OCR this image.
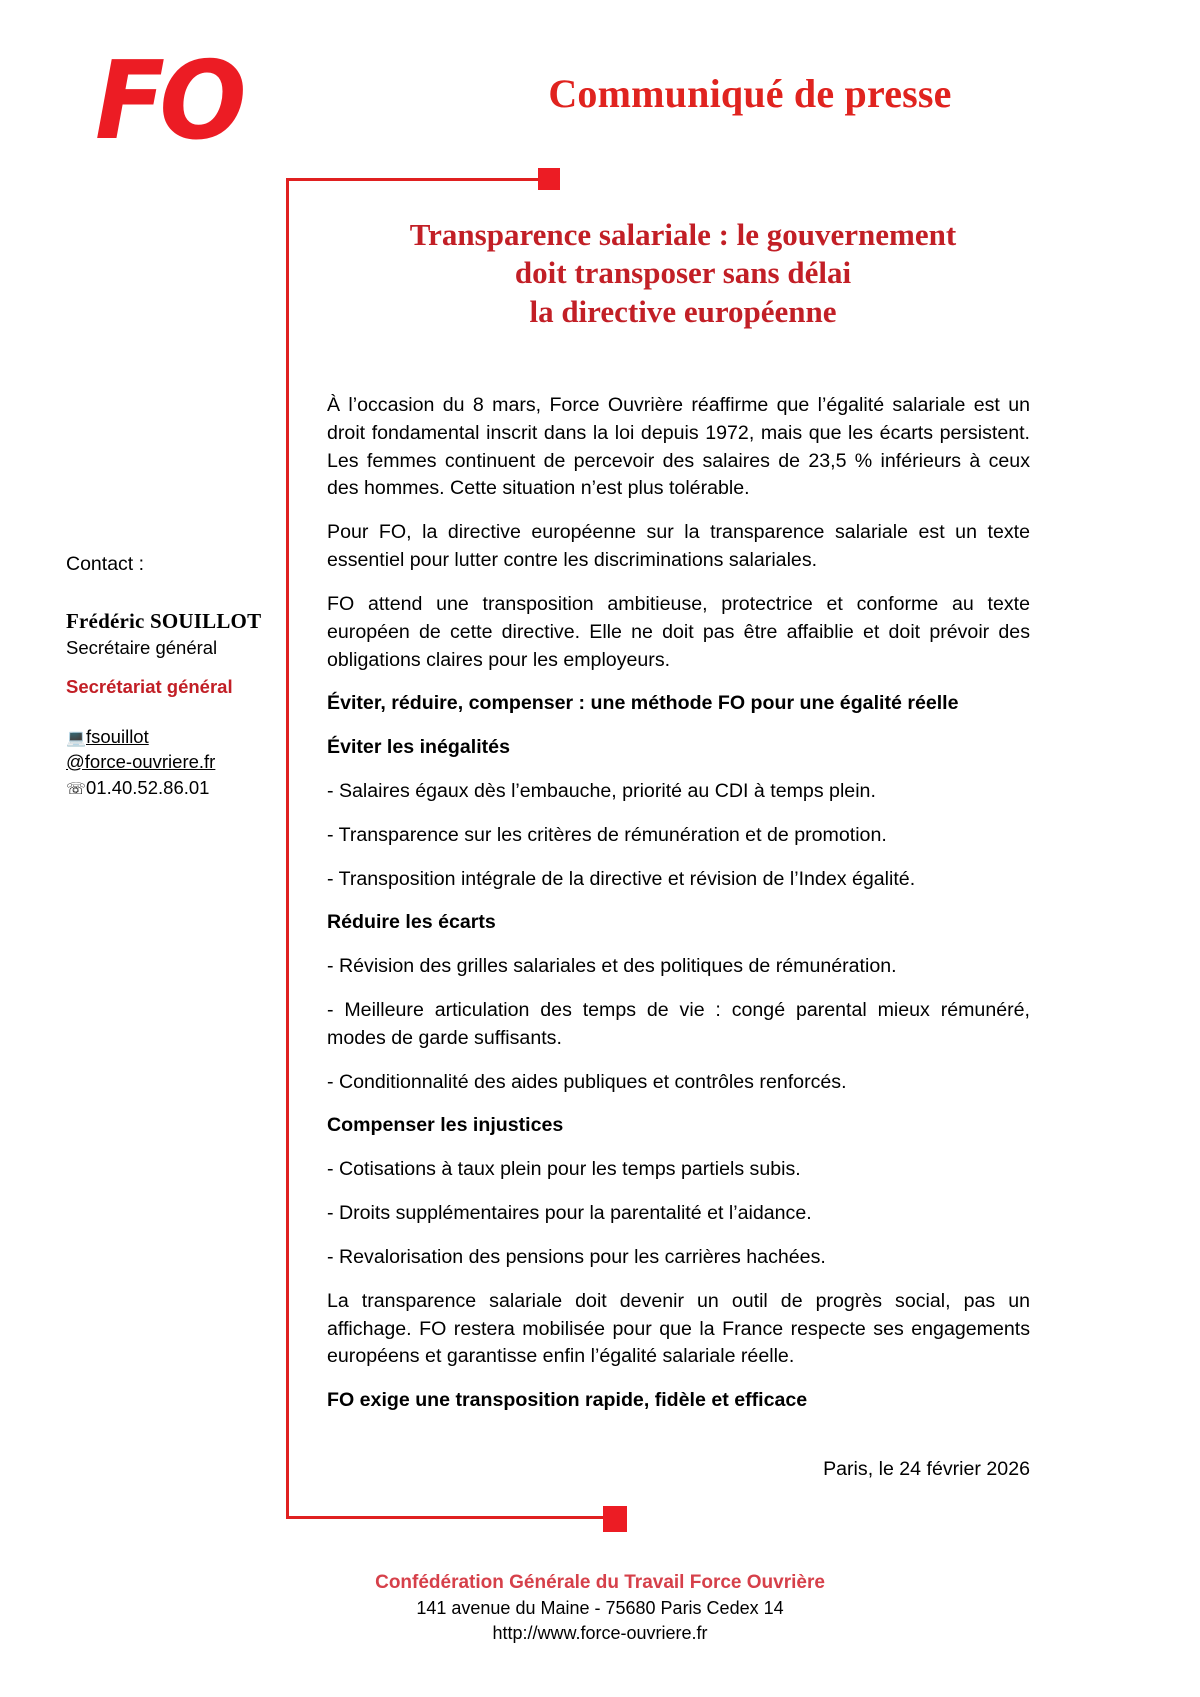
FO	Communiqué de presse
Transparence salariale : le gouvernement
doit transposer sans délai
la directive européenne
Contact :
Frédéric SOUILLOT
Secrétaire général
Secrétariat général
💻fsouillot
@force-ouvriere.fr
☏01.40.52.86.01

À l’occasion du 8 mars, Force Ouvrière réaffirme que l’égalité salariale est un droit fondamental inscrit dans la loi depuis 1972, mais que les écarts persistent. Les femmes continuent de percevoir des salaires de 23,5 % inférieurs à ceux des hommes. Cette situation n’est plus tolérable.

Pour FO, la directive européenne sur la transparence salariale est un texte essentiel pour lutter contre les discriminations salariales.

FO attend une transposition ambitieuse, protectrice et conforme au texte européen de cette directive. Elle ne doit pas être affaiblie et doit prévoir des obligations claires pour les employeurs.

Éviter, réduire, compenser : une méthode FO pour une égalité réelle

Éviter les inégalités

- Salaires égaux dès l’embauche, priorité au CDI à temps plein.

- Transparence sur les critères de rémunération et de promotion.

- Transposition intégrale de la directive et révision de l’Index égalité.

Réduire les écarts

- Révision des grilles salariales et des politiques de rémunération.

- Meilleure articulation des temps de vie : congé parental mieux rémunéré, modes de garde suffisants.

- Conditionnalité des aides publiques et contrôles renforcés.

Compenser les injustices

- Cotisations à taux plein pour les temps partiels subis.

- Droits supplémentaires pour la parentalité et l’aidance.

- Revalorisation des pensions pour les carrières hachées.

La transparence salariale doit devenir un outil de progrès social, pas un affichage. FO restera mobilisée pour que la France respecte ses engagements européens et garantisse enfin l’égalité salariale réelle.

FO exige une transposition rapide, fidèle et efficace

Paris, le 24 février 2026
Confédération Générale du Travail Force Ouvrière
141 avenue du Maine - 75680 Paris Cedex 14
http://www.force-ouvriere.fr
